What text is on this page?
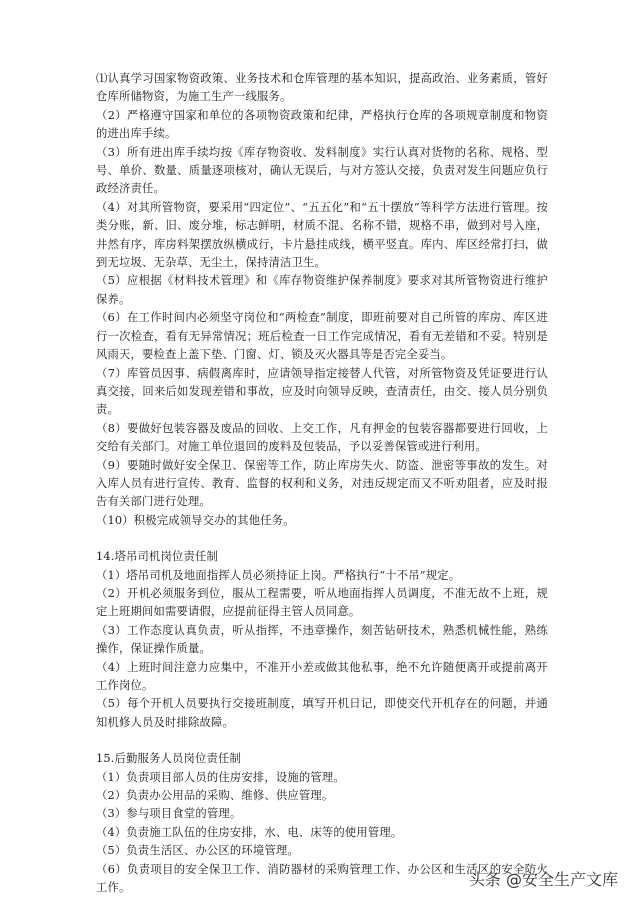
⑴认真学习国家物资政策、业务技术和仓库管理的基本知识，提高政治、业务素质，管好仓库所储物资，为施工生产一线服务。

（2）严格遵守国家和单位的各项物资政策和纪律，严格执行仓库的各项规章制度和物资的进出库手续。

（3）所有进出库手续均按《库存物资收、发料制度》实行认真对货物的名称、规格、型号、单价、数量、质量逐项核对，确认无误后，与对方签认交接，负责对发生问题应负行政经济责任。

（4）对其所管物资，要采用“四定位”、“五五化”和“五十摆放”等科学方法进行管理。按类分账，新、旧、废分堆，标志鲜明，材质不混、名称不错，规格不串，做到对号入座，井然有序，库房料架摆放纵横成行，卡片悬挂成线，横平竖直。库内、库区经常打扫，做到无垃圾、无杂草、无尘土，保持清洁卫生。

（5）应根据《材料技术管理》和《库存物资维护保养制度》要求对其所管物资进行维护保养。

（6）在工作时间内必须坚守岗位和“两检查”制度，即班前要对自己所管的库房、库区进行一次检查，看有无异常情况；班后检查一日工作完成情况，看有无差错和不妥。特别是风雨天，要检查上盖下垫、门窗、灯、锁及灭火器具等是否完全妥当。

（7）库管员因事、病假离库时，应请领导指定接替人代管，对所管物资及凭证要进行认真交接，回来后如发现差错和事故，应及时向领导反映，查清责任，由交、接人员分别负责。

（8）要做好包装容器及废品的回收、上交工作，凡有押金的包装容器都要进行回收，上交给有关部门。对施工单位退回的废料及包装品，予以妥善保管或进行利用。

（9）要随时做好安全保卫、保密等工作，防止库房失火、防盗、泄密等事故的发生。对入库人员有进行宣传、教育、监督的权利和义务，对违反规定而又不听劝阻者，应及时报告有关部门进行处理。

（10）积极完成领导交办的其他任务。

14.塔吊司机岗位责任制

（1）塔吊司机及地面指挥人员必须持证上岗。严格执行“十不吊”规定。

（2）开机必须服务到位，服从工程需要，听从地面指挥人员调度，不准无故不上班，规定上班期间如需要请假，应提前征得主管人员同意。

（3）工作态度认真负责，听从指挥，不违章操作，刻苦钻研技术，熟悉机械性能，熟练操作，保证操作质量。

（4）上班时间注意力应集中，不准开小差或做其他私事，绝不允许随便离开或提前离开工作岗位。

（5）每个开机人员要执行交接班制度，填写开机日记，即使交代开机存在的问题，并通知机修人员及时排除故障。

15.后勤服务人员岗位责任制

（1）负责项目部人员的住房安排，设施的管理。

（2）负责办公用品的采购、维修、供应管理。

（3）参与项目食堂的管理。

（4）负责施工队伍的住房安排，水、电、床等的使用管理。

（5）负责生活区、办公区的环境管理。

（6）负责项目的安全保卫工作、消防器材的采购管理工作、办公区和生活区的安全防火工作。	头条 @安全生产文库
